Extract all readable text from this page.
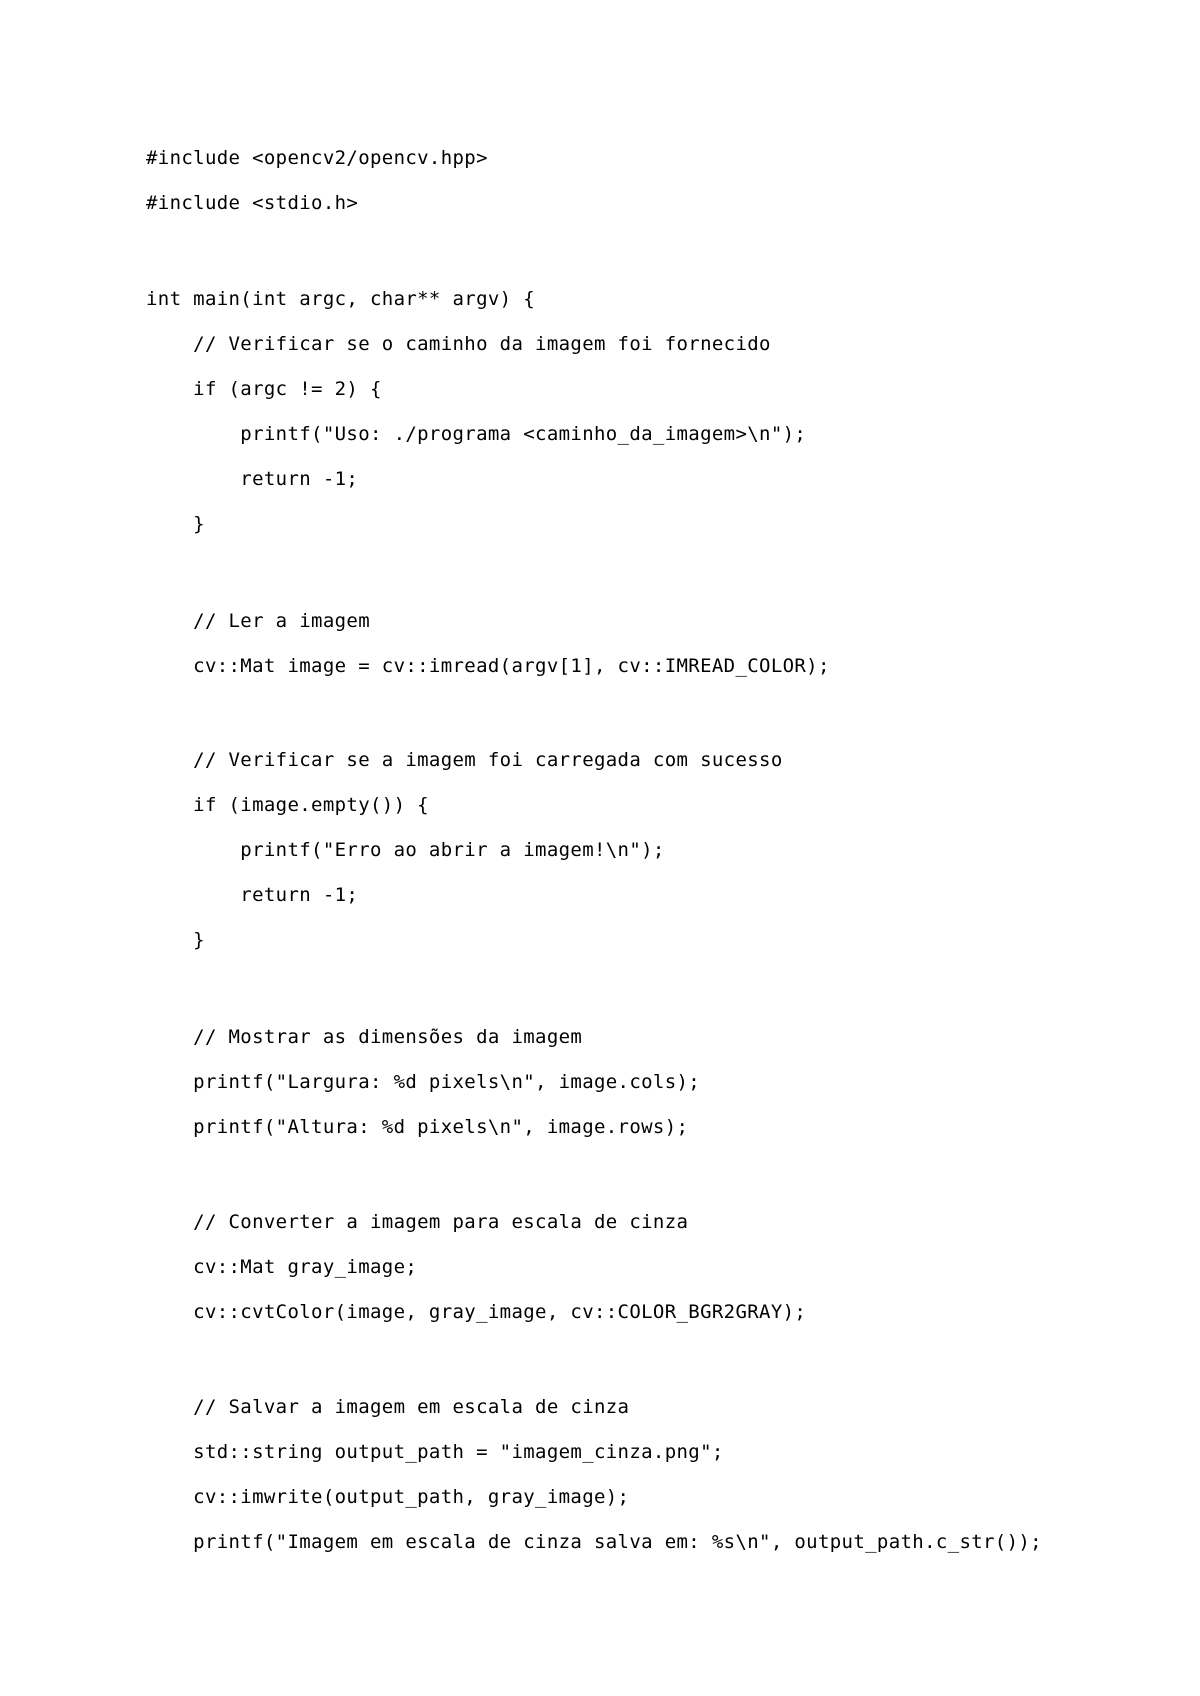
#include <opencv2/opencv.hpp>
#include <stdio.h>
int main(int argc, char** argv) {
// Verificar se o caminho da imagem foi fornecido
if (argc != 2) {
printf("Uso: ./programa <caminho_da_imagem>\n");
return -1;
}
// Ler a imagem
cv::Mat image = cv::imread(argv[1], cv::IMREAD_COLOR);
// Verificar se a imagem foi carregada com sucesso
if (image.empty()) {
printf("Erro ao abrir a imagem!\n");
return -1;
}
// Mostrar as dimensões da imagem
printf("Largura: %d pixels\n", image.cols);
printf("Altura: %d pixels\n", image.rows);
// Converter a imagem para escala de cinza
cv::Mat gray_image;
cv::cvtColor(image, gray_image, cv::COLOR_BGR2GRAY);
// Salvar a imagem em escala de cinza
std::string output_path = "imagem_cinza.png";
cv::imwrite(output_path, gray_image);
printf("Imagem em escala de cinza salva em: %s\n", output_path.c_str());
